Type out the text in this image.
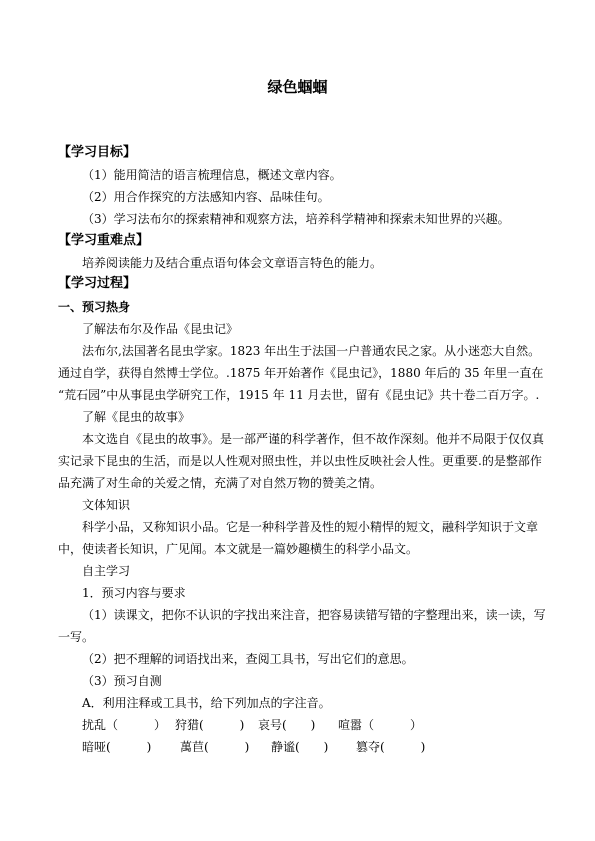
绿色蝈蝈
【学习目标】
（1）能用简洁的语言梳理信息，概述文章内容。
（2）用合作探究的方法感知内容、品味佳句。
（3）学习法布尔的探索精神和观察方法，培养科学精神和探索未知世界的兴趣。
【学习重难点】
培养阅读能力及结合重点语句体会文章语言特色的能力。
【学习过程】
一、预习热身
了解法布尔及作品《昆虫记》
法布尔,法国著名昆虫学家。1823 年出生于法国一户普通农民之家。从小迷恋大自然。
通过自学，获得自然博士学位。.1875 年开始著作《昆虫记》，1880 年后的 35 年里一直在
“荒石园”中从事昆虫学研究工作，1915 年 11 月去世，留有《昆虫记》共十卷二百万字。.
了解《昆虫的故事》
本文选自《昆虫的故事》。是一部严谨的科学著作，但不故作深刻。他并不局限于仅仅真
实记录下昆虫的生活，而是以人性观对照虫性，并以虫性反映社会人性。更重要.的是整部作
品充满了对生命的关爱之情，充满了对自然万物的赞美之情。
文体知识
科学小品，又称知识小品。它是一种科学普及性的短小精悍的短文，融科学知识于文章
中，使读者长知识，广见闻。本文就是一篇妙趣横生的科学小品文。
自主学习
1．预习内容与要求
（1）读课文，把你不认识的字找出来注音，把容易读错写错的字整理出来，读一读，写
一写。
（2）把不理解的词语找出来，查阅工具书，写出它们的意思。
（3）预习自测
A．利用注释或工具书，给下列加点的字注音。
扰乱（　　　） 狩猎(　　　) 哀号(　　) 喧嚣（　　　）
暗哑(　　　) 萬苣(　　　) 静谧(　　) 篡夺(　　　)
